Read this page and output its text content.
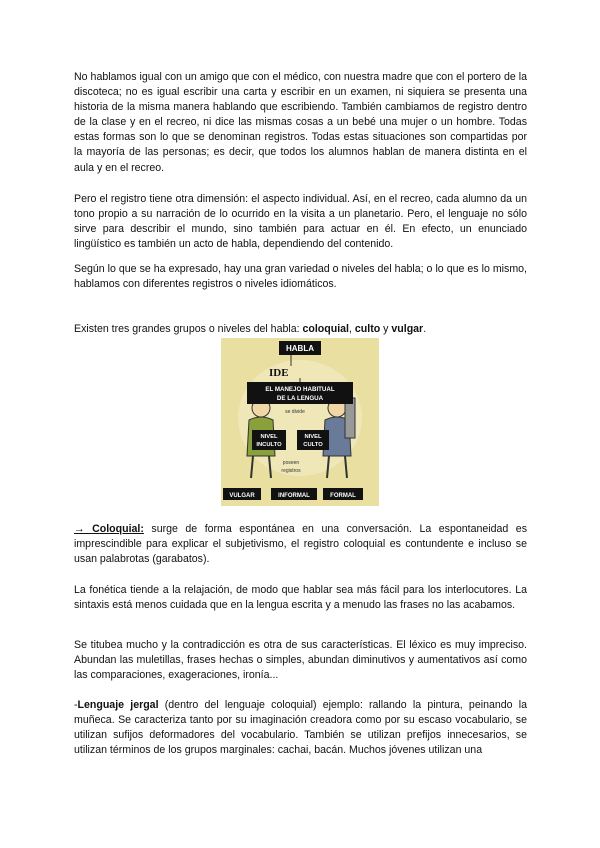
No hablamos igual con un amigo que con el médico, con nuestra madre que con el portero de la discoteca; no es igual escribir una carta y escribir en un examen, ni siquiera se presenta una historia de la misma manera hablando que escribiendo. También cambiamos de registro dentro de la clase y en el recreo, ni dice las mismas cosas a un bebé una mujer o un hombre. Todas estas formas son lo que se denominan registros. Todas estas situaciones son compartidas por la mayoría de las personas; es decir, que todos los alumnos hablan de manera distinta en el aula y en el recreo.

Pero el registro tiene otra dimensión: el aspecto individual. Así, en el recreo, cada alumno da un tono propio a su narración de lo ocurrido en la visita a un planetario. Pero, el lenguaje no sólo sirve para describir el mundo, sino también para actuar en él. En efecto, un enunciado lingüístico es también un acto de habla, dependiendo del contenido.

Según lo que se ha expresado, hay una gran variedad o niveles del habla; o lo que es lo mismo, hablamos con diferentes registros o niveles idiomáticos.

Existen tres grandes grupos o niveles del habla: coloquial, culto y vulgar.

HABLA
IDE
EL MANEJO HABITUAL
DE LA LENGUA
se divide
NIVEL
INCULTO
NIVEL
CULTO
poseen
registros
VULGAR	INFORMAL	FORMAL

→ Coloquial: surge de forma espontánea en una conversación. La espontaneidad es imprescindible para explicar el subjetivismo, el registro coloquial es contundente e incluso se usan palabrotas (garabatos).

La fonética tiende a la relajación, de modo que hablar sea más fácil para los interlocutores. La sintaxis está menos cuidada que en la lengua escrita y a menudo las frases no las acabamos.

Se titubea mucho y la contradicción es otra de sus características. El léxico es muy impreciso. Abundan las muletillas, frases hechas o simples, abundan diminutivos y aumentativos así como las comparaciones, exageraciones, ironía...

-Lenguaje jergal (dentro del lenguaje coloquial) ejemplo: rallando la pintura, peinando la muñeca. Se caracteriza tanto por su imaginación creadora como por su escaso vocabulario, se utilizan sufijos deformadores del vocabulario. También se utilizan prefijos innecesarios, se utilizan términos de los grupos marginales: cachai, bacán. Muchos jóvenes utilizan una
